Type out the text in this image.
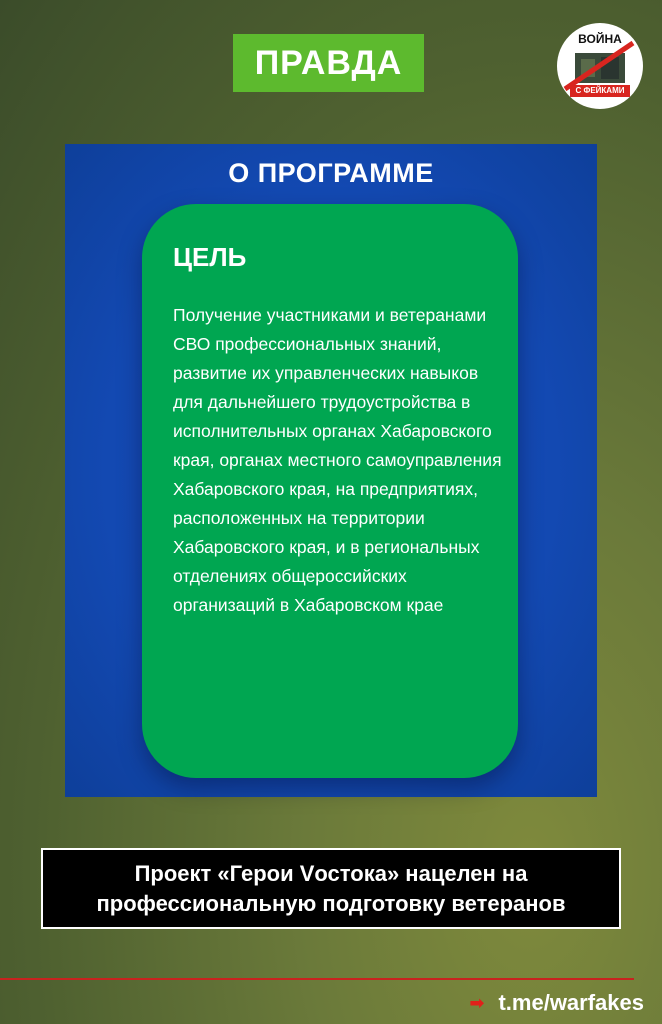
ПРАВДА
ВОЙНА
С ФЕЙКАМИ
О ПРОГРАММЕ
ЦЕЛЬ
Получение участниками и ветеранами СВО профессиональных знаний, развитие их управленческих навыков для дальнейшего трудоустройства в исполнительных органах Хабаровского края, органах местного самоуправления Хабаровского края, на предприятиях, расположенных на территории Хабаровского края, и в региональных отделениях общероссийских организаций в Хабаровском крае
Проект «Герои Vостока» нацелен на профессиональную подготовку ветеранов
➡ t.me/warfakes
